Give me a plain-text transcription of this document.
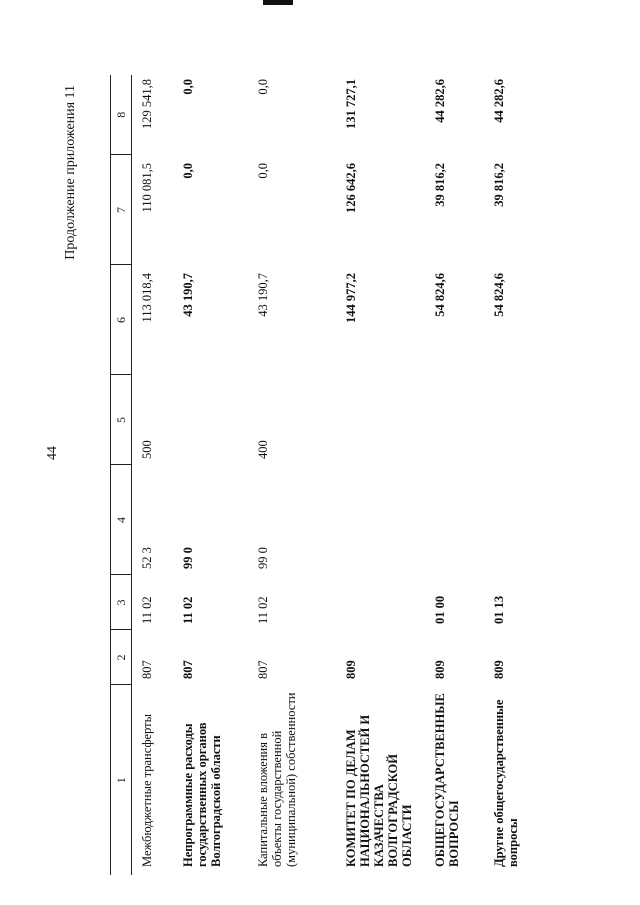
44
Продолжение приложения 11
1	2	3	4	5	6	7	8
Межбюджетные трансферты	807	11 02	52 3	500	113 018,4	110 081,5	129 541,8
Непрограммные расходы государственных органов Волгоградской области	807	11 02	99 0		43 190,7	0,0	0,0
Капитальные вложения в объекты государственной (муниципальной) собственности	807	11 02	99 0	400	43 190,7	0,0	0,0
КОМИТЕТ ПО ДЕЛАМ НАЦИОНАЛЬНОСТЕЙ И КАЗАЧЕСТВА ВОЛГОГРАДСКОЙ ОБЛАСТИ	809				144 977,2	126 642,6	131 727,1
ОБЩЕГОСУДАРСТВЕННЫЕ ВОПРОСЫ	809	01 00			54 824,6	39 816,2	44 282,6
Другие общегосударственные вопросы	809	01 13			54 824,6	39 816,2	44 282,6
